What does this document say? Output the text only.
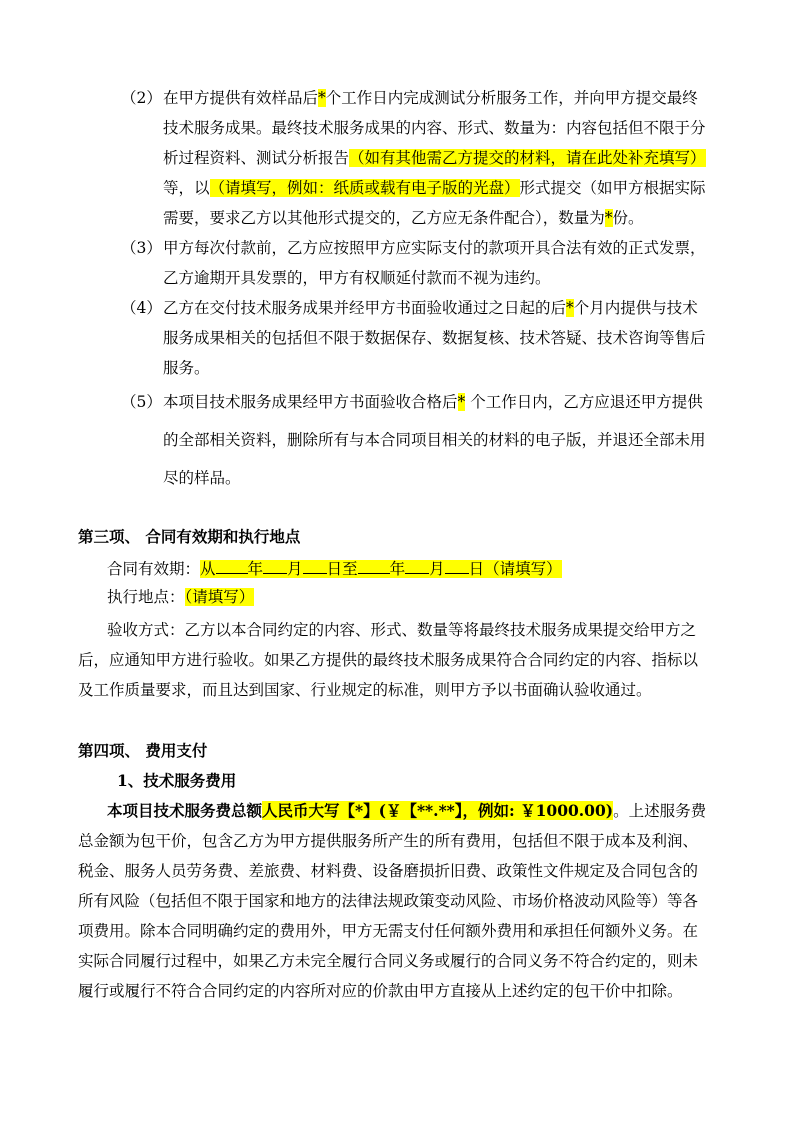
（2） 在甲方提供有效样品后*个工作日内完成测试分析服务工作，并向甲方提交最终
技术服务成果。最终技术服务成果的内容、形式、数量为：内容包括但不限于分
析过程资料、测试分析报告（如有其他需乙方提交的材料，请在此处补充填写）
等，以（请填写，例如：纸质或载有电子版的光盘）形式提交（如甲方根据实际
需要，要求乙方以其他形式提交的，乙方应无条件配合），数量为*份。
（3） 甲方每次付款前，乙方应按照甲方应实际支付的款项开具合法有效的正式发票，
乙方逾期开具发票的，甲方有权顺延付款而不视为违约。
（4） 乙方在交付技术服务成果并经甲方书面验收通过之日起的后*个月内提供与技术
服务成果相关的包括但不限于数据保存、数据复核、技术答疑、技术咨询等售后
服务。
（5） 本项目技术服务成果经甲方书面验收合格后* 个工作日内，乙方应退还甲方提供
的全部相关资料，删除所有与本合同项目相关的材料的电子版，并退还全部未用
尽的样品。
第三项、 合同有效期和执行地点
合同有效期：从 年 月 日至 年 月 日（请填写）
执行地点：（请填写）
验收方式：乙方以本合同约定的内容、形式、数量等将最终技术服务成果提交给甲方之
后，应通知甲方进行验收。如果乙方提供的最终技术服务成果符合合同约定的内容、指标以
及工作质量要求，而且达到国家、行业规定的标准，则甲方予以书面确认验收通过。
第四项、 费用支付
1、技术服务费用
本项目技术服务费总额人民币大写【*】(￥【**.**】，例如: ￥1000.00)。上述服务费
总金额为包干价，包含乙方为甲方提供服务所产生的所有费用，包括但不限于成本及利润、
税金、服务人员劳务费、差旅费、材料费、设备磨损折旧费、政策性文件规定及合同包含的
所有风险（包括但不限于国家和地方的法律法规政策变动风险、市场价格波动风险等）等各
项费用。除本合同明确约定的费用外，甲方无需支付任何额外费用和承担任何额外义务。在
实际合同履行过程中，如果乙方未完全履行合同义务或履行的合同义务不符合约定的，则未
履行或履行不符合合同约定的内容所对应的价款由甲方直接从上述约定的包干价中扣除。
